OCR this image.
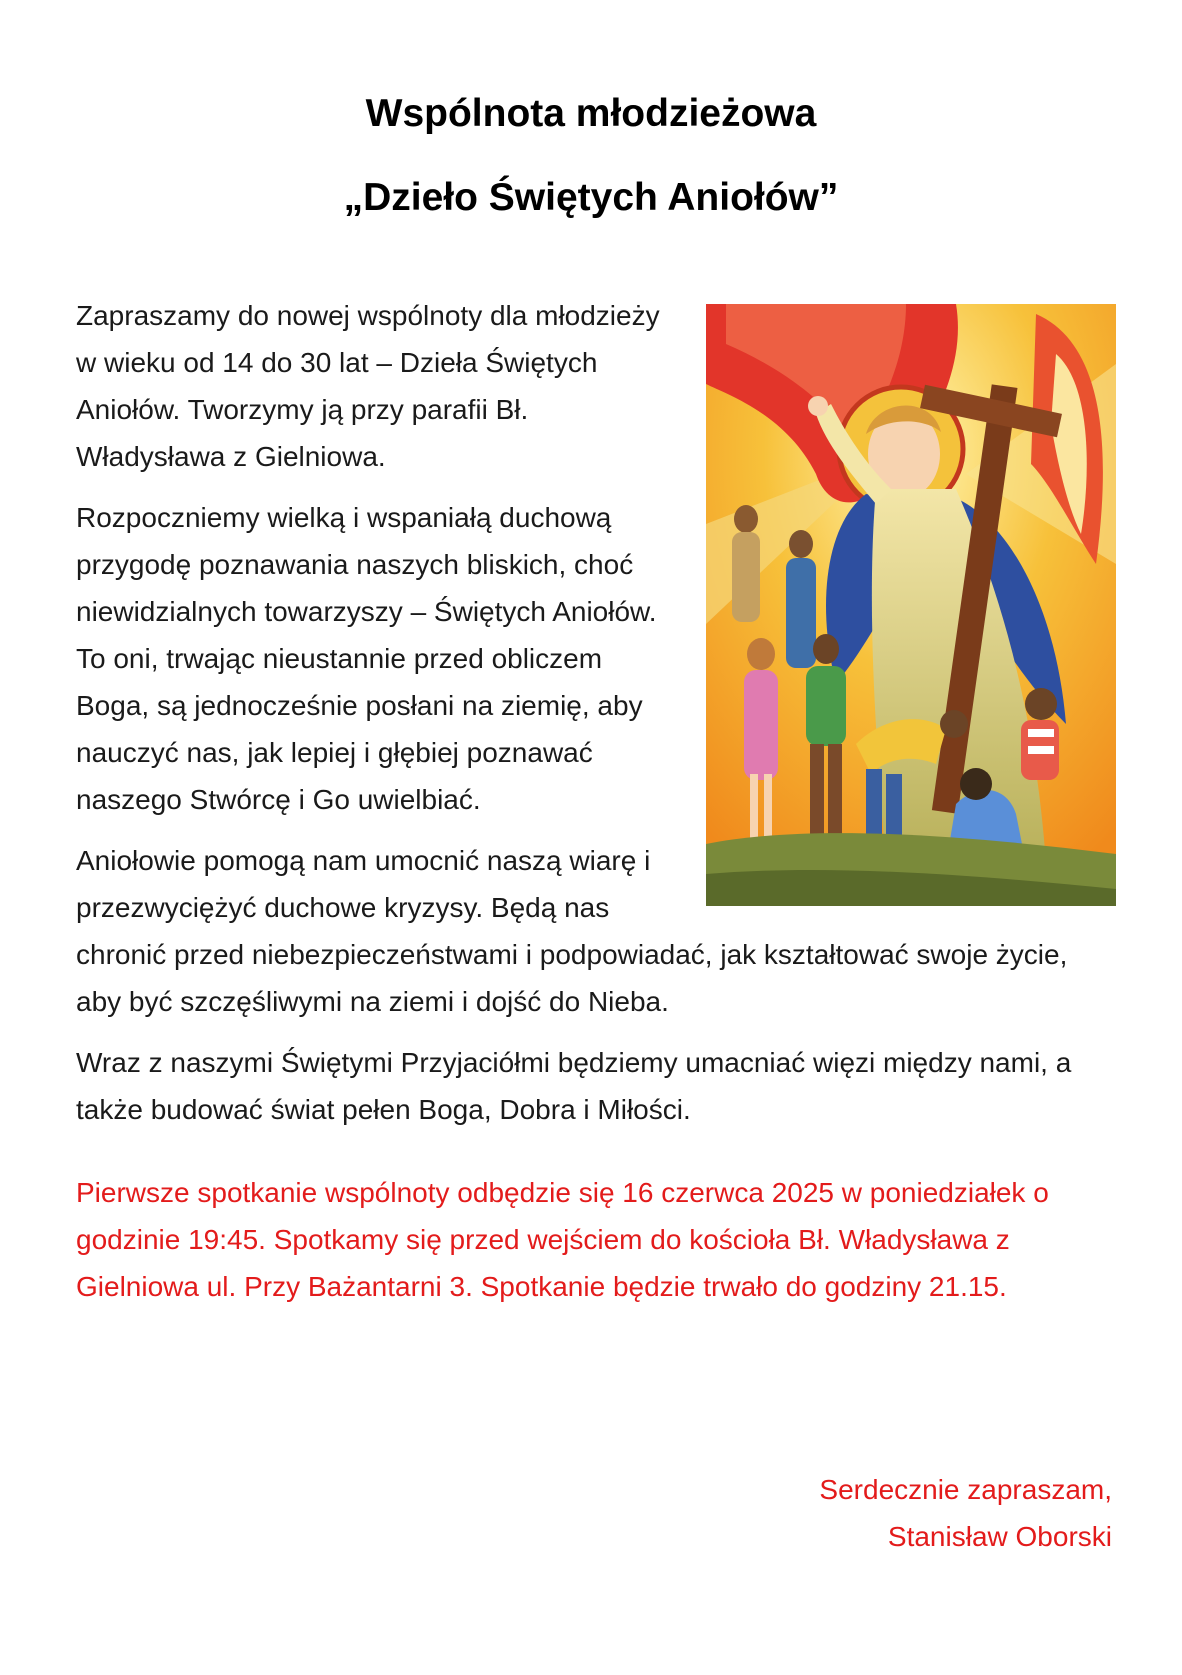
Wspólnota młodzieżowa
„Dzieło Świętych Aniołów”

Zapraszamy do nowej wspólnoty dla młodzieży w wieku od 14 do 30 lat – Dzieła Świętych Aniołów. Tworzymy ją przy parafii Bł. Władysława z Gielniowa.

Rozpoczniemy wielką i wspaniałą duchową przygodę poznawania naszych bliskich, choć niewidzialnych towarzyszy – Świętych Aniołów. To oni, trwając nieustannie przed obliczem Boga, są jednocześnie posłani na ziemię, aby nauczyć nas, jak lepiej i głębiej poznawać naszego Stwórcę i Go uwielbiać.

Aniołowie pomogą nam umocnić naszą wiarę i przezwyciężyć duchowe kryzysy. Będą nas chronić przed niebezpieczeństwami i podpowiadać, jak kształtować swoje życie, aby być szczęśliwymi na ziemi i dojść do Nieba.

Wraz z naszymi Świętymi Przyjaciółmi będziemy umacniać więzi między nami, a także budować świat pełen Boga, Dobra i Miłości.

Pierwsze spotkanie wspólnoty odbędzie się 16 czerwca 2025 w poniedziałek o godzinie 19:45. Spotkamy się przed wejściem do kościoła Bł. Władysława z Gielniowa ul. Przy Bażantarni 3. Spotkanie będzie trwało do godziny 21.15.

Serdecznie zapraszam,
Stanisław Oborski
